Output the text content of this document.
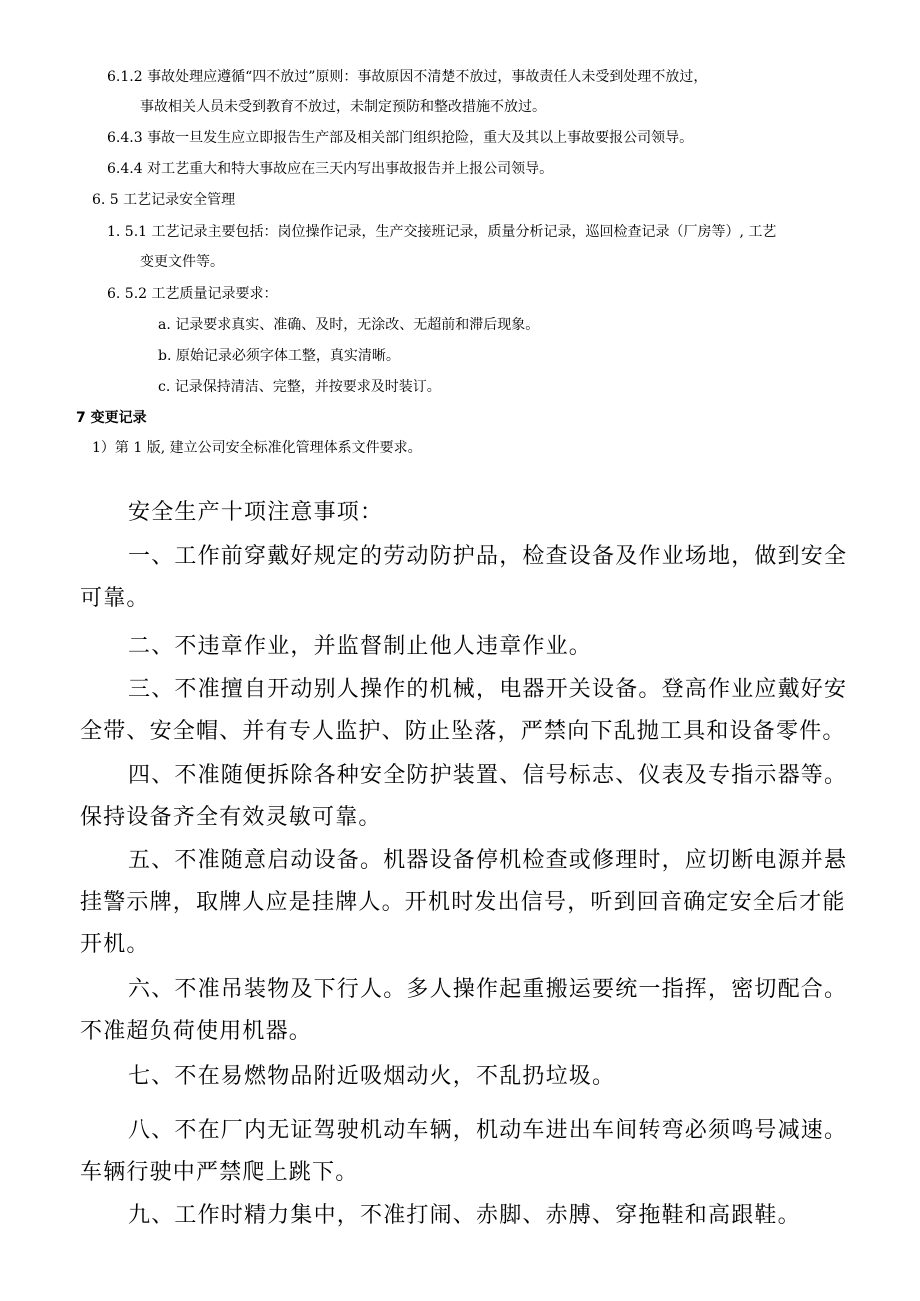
6.1.2 事故处理应遵循“四不放过”原则：事故原因不清楚不放过，事故责任人未受到处理不放过，

事故相关人员未受到教育不放过，未制定预防和整改措施不放过。

6.4.3 事故一旦发生应立即报告生产部及相关部门组织抢险，重大及其以上事故要报公司领导。

6.4.4 对工艺重大和特大事故应在三天内写出事故报告并上报公司领导。

6. 5 工艺记录安全管理

1. 5.1 工艺记录主要包括：岗位操作记录，生产交接班记录，质量分析记录，巡回检查记录（厂房等）, 工艺

变更文件等。

6. 5.2 工艺质量记录要求：

a. 记录要求真实、准确、及时，无涂改、无超前和滞后现象。

b. 原始记录必须字体工整，真实清晰。

c. 记录保持清洁、完整，并按要求及时装订。

7 变更记录

1）第 1 版, 建立公司安全标准化管理体系文件要求。

安全生产十项注意事项：

一、工作前穿戴好规定的劳动防护品，检查设备及作业场地，做到安全可靠。

二、不违章作业，并监督制止他人违章作业。

三、不准擅自开动别人操作的机械，电器开关设备。登高作业应戴好安全带、安全帽、并有专人监护、防止坠落，严禁向下乱抛工具和设备零件。

四、不准随便拆除各种安全防护装置、信号标志、仪表及专指示器等。保持设备齐全有效灵敏可靠。

五、不准随意启动设备。机器设备停机检查或修理时，应切断电源并悬挂警示牌，取牌人应是挂牌人。开机时发出信号，听到回音确定安全后才能开机。

六、不准吊装物及下行人。多人操作起重搬运要统一指挥，密切配合。不准超负荷使用机器。

七、不在易燃物品附近吸烟动火，不乱扔垃圾。

八、不在厂内无证驾驶机动车辆，机动车进出车间转弯必须鸣号减速。车辆行驶中严禁爬上跳下。

九、工作时精力集中，不准打闹、赤脚、赤膊、穿拖鞋和高跟鞋。
